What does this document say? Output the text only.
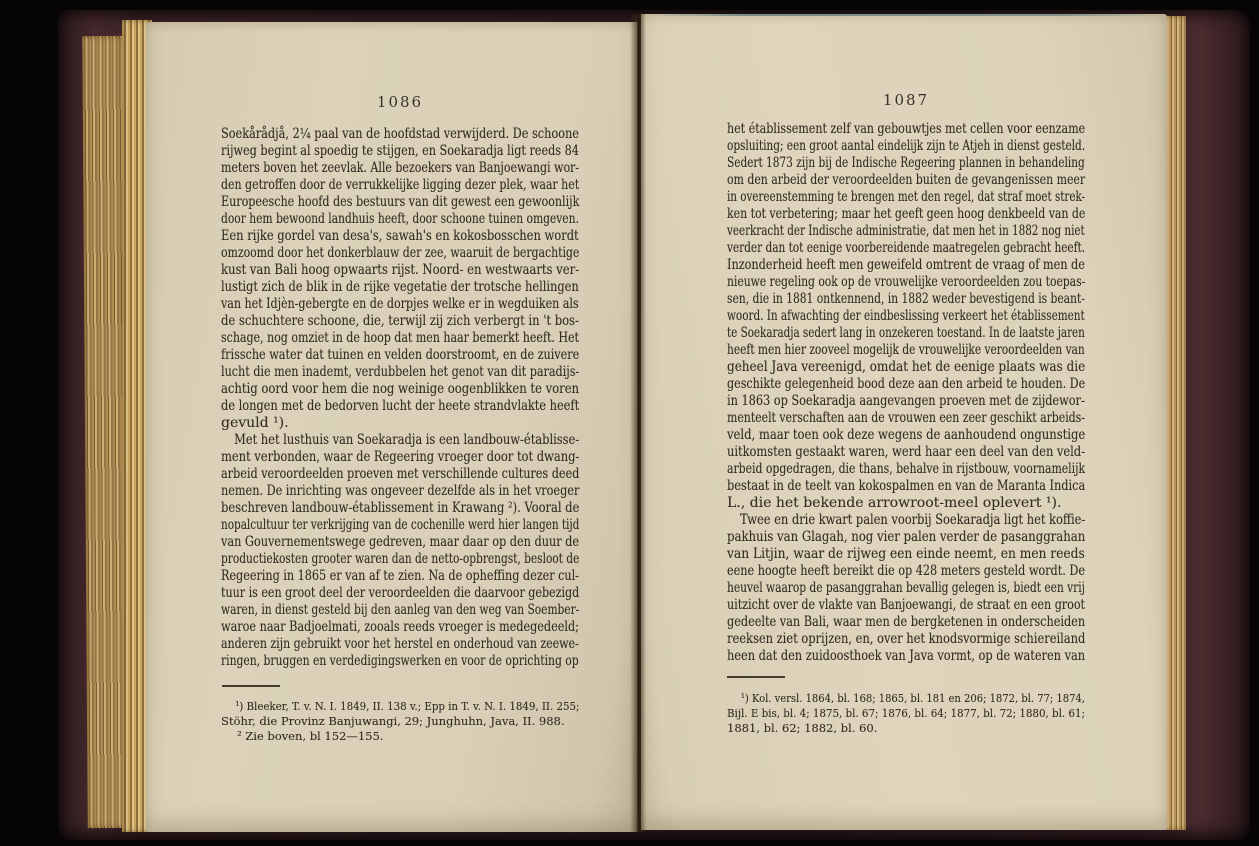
1086	1087
Soekårådjå, 2¼ paal van de hoofdstad verwijderd. De schoone
rijweg begint al spoedig te stijgen, en Soekaradja ligt reeds 84
meters boven het zeevlak. Alle bezoekers van Banjoewangi wor-
den getroffen door de verrukkelijke ligging dezer plek, waar het
Europeesche hoofd des bestuurs van dit gewest een gewoonlijk
door hem bewoond landhuis heeft, door schoone tuinen omgeven.
Een rijke gordel van desa's, sawah's en kokosbosschen wordt
omzoomd door het donkerblauw der zee, waaruit de bergachtige
kust van Bali hoog opwaarts rijst. Noord- en westwaarts ver-
lustigt zich de blik in de rijke vegetatie der trotsche hellingen
van het Idjèn-gebergte en de dorpjes welke er in wegduiken als
de schuchtere schoone, die, terwijl zij zich verbergt in 't bos-
schage, nog omziet in de hoop dat men haar bemerkt heeft. Het
frissche water dat tuinen en velden doorstroomt, en de zuivere
lucht die men inademt, verdubbelen het genot van dit paradijs-
achtig oord voor hem die nog weinige oogenblikken te voren
de longen met de bedorven lucht der heete strandvlakte heeft
gevuld ¹).
Met het lusthuis van Soekaradja is een landbouw-établisse-
ment verbonden, waar de Regeering vroeger door tot dwang-
arbeid veroordeelden proeven met verschillende cultures deed
nemen. De inrichting was ongeveer dezelfde als in het vroeger
beschreven landbouw-établissement in Krawang ²). Vooral de
nopalcultuur ter verkrijging van de cochenille werd hier langen tijd
van Gouvernementswege gedreven, maar daar op den duur de
productiekosten grooter waren dan de netto-opbrengst, besloot de
Regeering in 1865 er van af te zien. Na de opheffing dezer cul-
tuur is een groot deel der veroordeelden die daarvoor gebezigd
waren, in dienst gesteld bij den aanleg van den weg van Soember-
waroe naar Badjoelmati, zooals reeds vroeger is medegedeeld;
anderen zijn gebruikt voor het herstel en onderhoud van zeewe-
ringen, bruggen en verdedigingswerken en voor de oprichting op
het établissement zelf van gebouwtjes met cellen voor eenzame
opsluiting; een groot aantal eindelijk zijn te Atjeh in dienst gesteld.
Sedert 1873 zijn bij de Indische Regeering plannen in behandeling
om den arbeid der veroordeelden buiten de gevangenissen meer
in overeenstemming te brengen met den regel, dat straf moet strek-
ken tot verbetering; maar het geeft geen hoog denkbeeld van de
veerkracht der Indische administratie, dat men het in 1882 nog niet
verder dan tot eenige voorbereidende maatregelen gebracht heeft.
Inzonderheid heeft men geweifeld omtrent de vraag of men de
nieuwe regeling ook op de vrouwelijke veroordeelden zou toepas-
sen, die in 1881 ontkennend, in 1882 weder bevestigend is beant-
woord. In afwachting der eindbeslissing verkeert het établissement
te Soekaradja sedert lang in onzekeren toestand. In de laatste jaren
heeft men hier zooveel mogelijk de vrouwelijke veroordeelden van
geheel Java vereenigd, omdat het de eenige plaats was die
geschikte gelegenheid bood deze aan den arbeid te houden. De
in 1863 op Soekaradja aangevangen proeven met de zijdewor-
menteelt verschaften aan de vrouwen een zeer geschikt arbeids-
veld, maar toen ook deze wegens de aanhoudend ongunstige
uitkomsten gestaakt waren, werd haar een deel van den veld-
arbeid opgedragen, die thans, behalve in rijstbouw, voornamelijk
bestaat in de teelt van kokospalmen en van de Maranta Indica
L., die het bekende arrowroot-meel oplevert ¹).
Twee en drie kwart palen voorbij Soekaradja ligt het koffie-
pakhuis van Glagah, nog vier palen verder de pasanggrahan
van Litjin, waar de rijweg een einde neemt, en men reeds
eene hoogte heeft bereikt die op 428 meters gesteld wordt. De
heuvel waarop de pasanggrahan bevallig gelegen is, biedt een vrij
uitzicht over de vlakte van Banjoewangi, de straat en een groot
gedeelte van Bali, waar men de bergketenen in onderscheiden
reeksen ziet oprijzen, en, over het knodsvormige schiereiland
heen dat den zuidoosthoek van Java vormt, op de wateren van
¹) Bleeker, T. v. N. I. 1849, II. 138 v.; Epp in T. v. N. I. 1849, II. 255;
Stöhr, die Provinz Banjuwangi, 29; Junghuhn, Java, II. 988.
² Zie boven, bl 152—155.
¹) Kol. versl. 1864, bl. 168; 1865, bl. 181 en 206; 1872, bl. 77; 1874,
Bijl. E bis, bl. 4; 1875, bl. 67; 1876, bl. 64; 1877, bl. 72; 1880, bl. 61;
1881, bl. 62; 1882, bl. 60.
